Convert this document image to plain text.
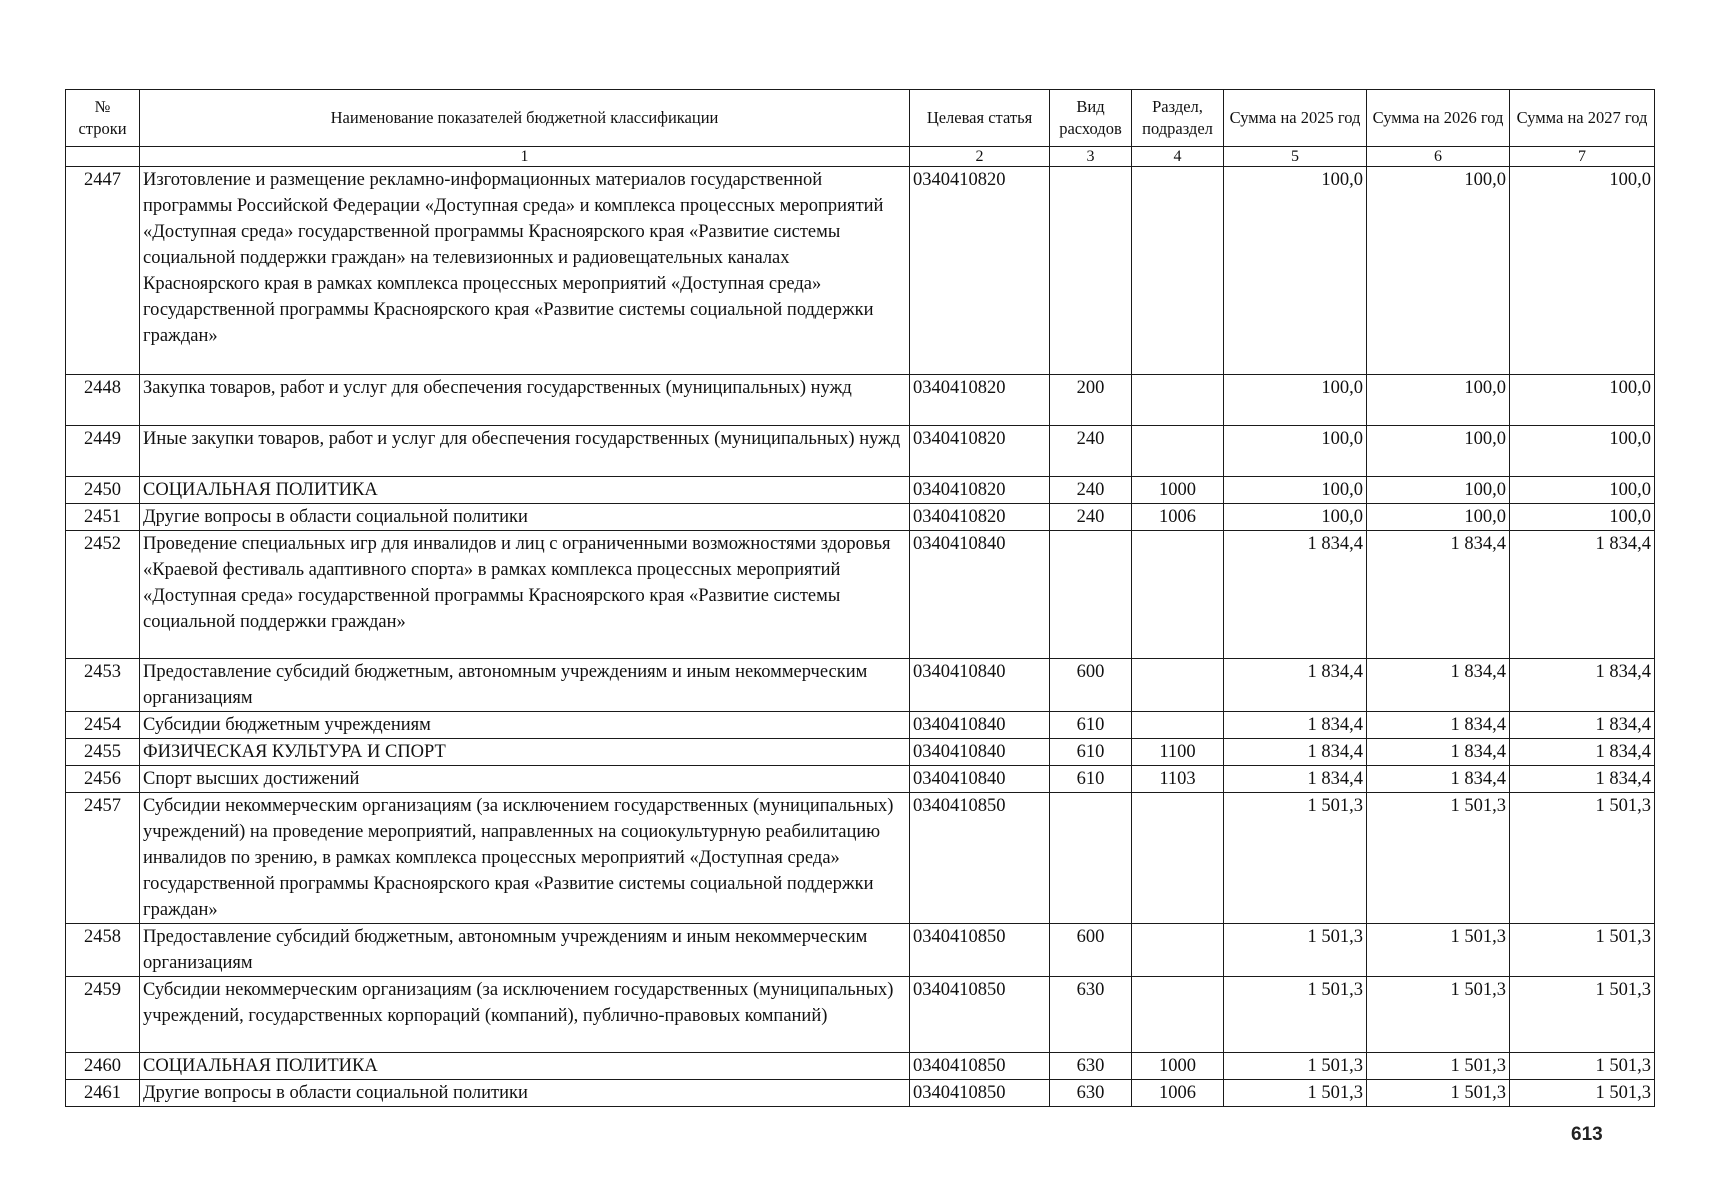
№ строки	Наименование показателей бюджетной классификации	Целевая статья	Вид расходов	Раздел, подраздел	Сумма на 2025 год	Сумма на 2026 год	Сумма на 2027 год
	1	2	3	4	5	6	7
2447	Изготовление и размещение рекламно-информационных материалов государственной программы Российской Федерации «Доступная среда» и комплекса процессных мероприятий «Доступная среда» государственной программы Красноярского края «Развитие системы социальной поддержки граждан» на телевизионных и радиовещательных каналах Красноярского края в рамках комплекса процессных мероприятий «Доступная среда» государственной программы Красноярского края «Развитие системы социальной поддержки граждан»	0340410820			100,0	100,0	100,0
2448	Закупка товаров, работ и услуг для обеспечения государственных (муниципальных) нужд	0340410820	200		100,0	100,0	100,0
2449	Иные закупки товаров, работ и услуг для обеспечения государственных (муниципальных) нужд	0340410820	240		100,0	100,0	100,0
2450	СОЦИАЛЬНАЯ ПОЛИТИКА	0340410820	240	1000	100,0	100,0	100,0
2451	Другие вопросы в области социальной политики	0340410820	240	1006	100,0	100,0	100,0
2452	Проведение специальных игр для инвалидов и лиц с ограниченными возможностями здоровья «Краевой фестиваль адаптивного спорта» в рамках комплекса процессных мероприятий «Доступная среда» государственной программы Красноярского края «Развитие системы социальной поддержки граждан»	0340410840			1 834,4	1 834,4	1 834,4
2453	Предоставление субсидий бюджетным, автономным учреждениям и иным некоммерческим организациям	0340410840	600		1 834,4	1 834,4	1 834,4
2454	Субсидии бюджетным учреждениям	0340410840	610		1 834,4	1 834,4	1 834,4
2455	ФИЗИЧЕСКАЯ КУЛЬТУРА И СПОРТ	0340410840	610	1100	1 834,4	1 834,4	1 834,4
2456	Спорт высших достижений	0340410840	610	1103	1 834,4	1 834,4	1 834,4
2457	Субсидии некоммерческим организациям (за исключением государственных (муниципальных) учреждений) на проведение мероприятий, направленных на социокультурную реабилитацию инвалидов по зрению, в рамках комплекса процессных мероприятий «Доступная среда» государственной программы Красноярского края «Развитие системы социальной поддержки граждан»	0340410850			1 501,3	1 501,3	1 501,3
2458	Предоставление субсидий бюджетным, автономным учреждениям и иным некоммерческим организациям	0340410850	600		1 501,3	1 501,3	1 501,3
2459	Субсидии некоммерческим организациям (за исключением государственных (муниципальных) учреждений, государственных корпораций (компаний), публично-правовых компаний)	0340410850	630		1 501,3	1 501,3	1 501,3
2460	СОЦИАЛЬНАЯ ПОЛИТИКА	0340410850	630	1000	1 501,3	1 501,3	1 501,3
2461	Другие вопросы в области социальной политики	0340410850	630	1006	1 501,3	1 501,3	1 501,3
613
